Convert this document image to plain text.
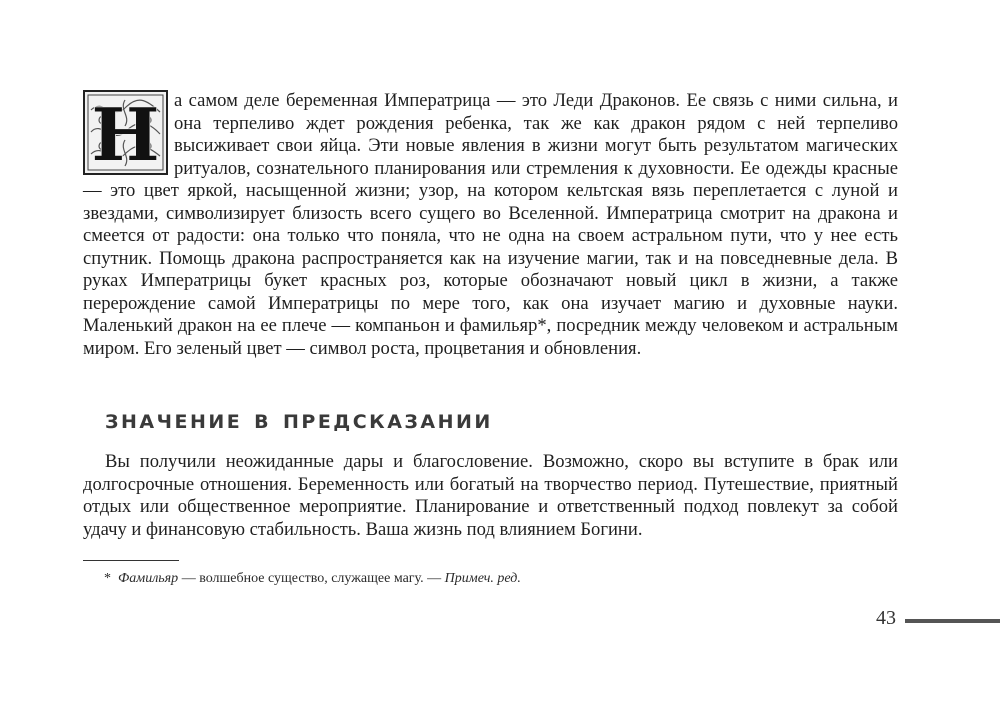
Н а самом деле беременная Императрица — это Леди Драконов. Ее связь с ними сильна, и она терпеливо ждет рождения ребенка, так же как дракон рядом с ней терпеливо высиживает свои яйца. Эти новые явления в жизни могут быть результатом магических ритуалов, сознательного планирования или стремления к духовности. Ее одежды красные — это цвет яркой, насыщенной жизни; узор, на котором кельтская вязь переплетается с луной и звездами, символизирует близость всего сущего во Вселенной. Императрица смотрит на дракона и смеется от радости: она только что поняла, что не одна на своем астральном пути, что у нее есть спутник. Помощь дракона распространяется как на изучение магии, так и на повседневные дела. В руках Императрицы букет красных роз, которые обозначают новый цикл в жизни, а также перерождение самой Императрицы по мере того, как она изучает магию и духовные науки. Маленький дракон на ее плече — компаньон и фамильяр*, посредник между человеком и астральным миром. Его зеленый цвет — символ роста, процветания и обновления.

значение в предсказании

Вы получили неожиданные дары и благословение. Возможно, скоро вы вступите в брак или долгосрочные отношения. Беременность или богатый на творчество период. Путешествие, приятный отдых или общественное мероприятие. Планирование и ответственный подход повлекут за собой удачу и финансовую стабильность. Ваша жизнь под влиянием Богини.

* Фамильяр — волшебное существо, служащее магу. — Примеч. ред.
43
